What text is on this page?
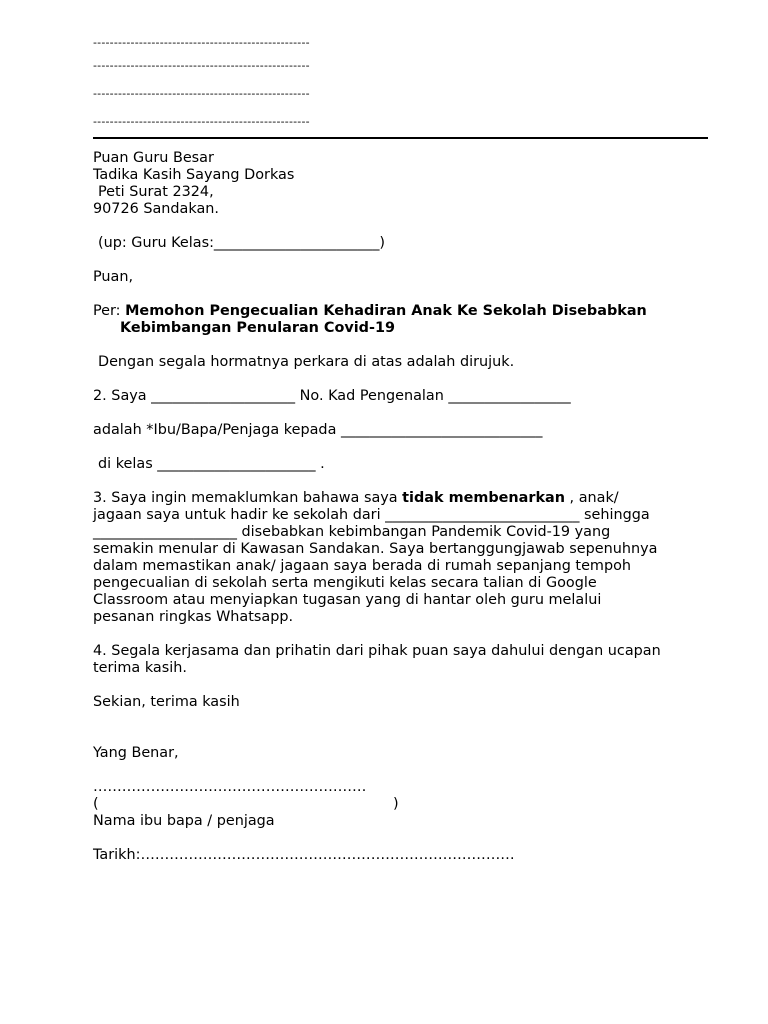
----------------------------------------------------
----------------------------------------------------
----------------------------------------------------
----------------------------------------------------

Puan Guru Besar

Tadika Kasih Sayang Dorkas

Peti Surat 2324,

90726 Sandakan.

(up: Guru Kelas:_______________________)

Puan,

Per: Memohon Pengecualian Kehadiran Anak Ke Sekolah Disebabkan

Kebimbangan Penularan Covid-19

Dengan segala hormatnya perkara di atas adalah dirujuk.

2. Saya ____________________ No. Kad Pengenalan _________________

adalah *Ibu/Bapa/Penjaga kepada ____________________________

di kelas ______________________ .

3. Saya ingin memaklumkan bahawa saya tidak membenarkan , anak/

jagaan saya untuk hadir ke sekolah dari ___________________________ sehingga

____________________ disebabkan kebimbangan Pandemik Covid-19 yang

semakin menular di Kawasan Sandakan. Saya bertanggungjawab sepenuhnya

dalam memastikan anak/ jagaan saya berada di rumah sepanjang tempoh

pengecualian di sekolah serta mengikuti kelas secara talian di Google

Classroom atau menyiapkan tugasan yang di hantar oleh guru melalui

pesanan ringkas Whatsapp.

4. Segala kerjasama dan prihatin dari pihak puan saya dahului dengan ucapan

terima kasih.

Sekian, terima kasih

Yang Benar,

…………………………………………………

(	)

Nama ibu bapa / penjaga

Tarikh:……………………………………………………………………
